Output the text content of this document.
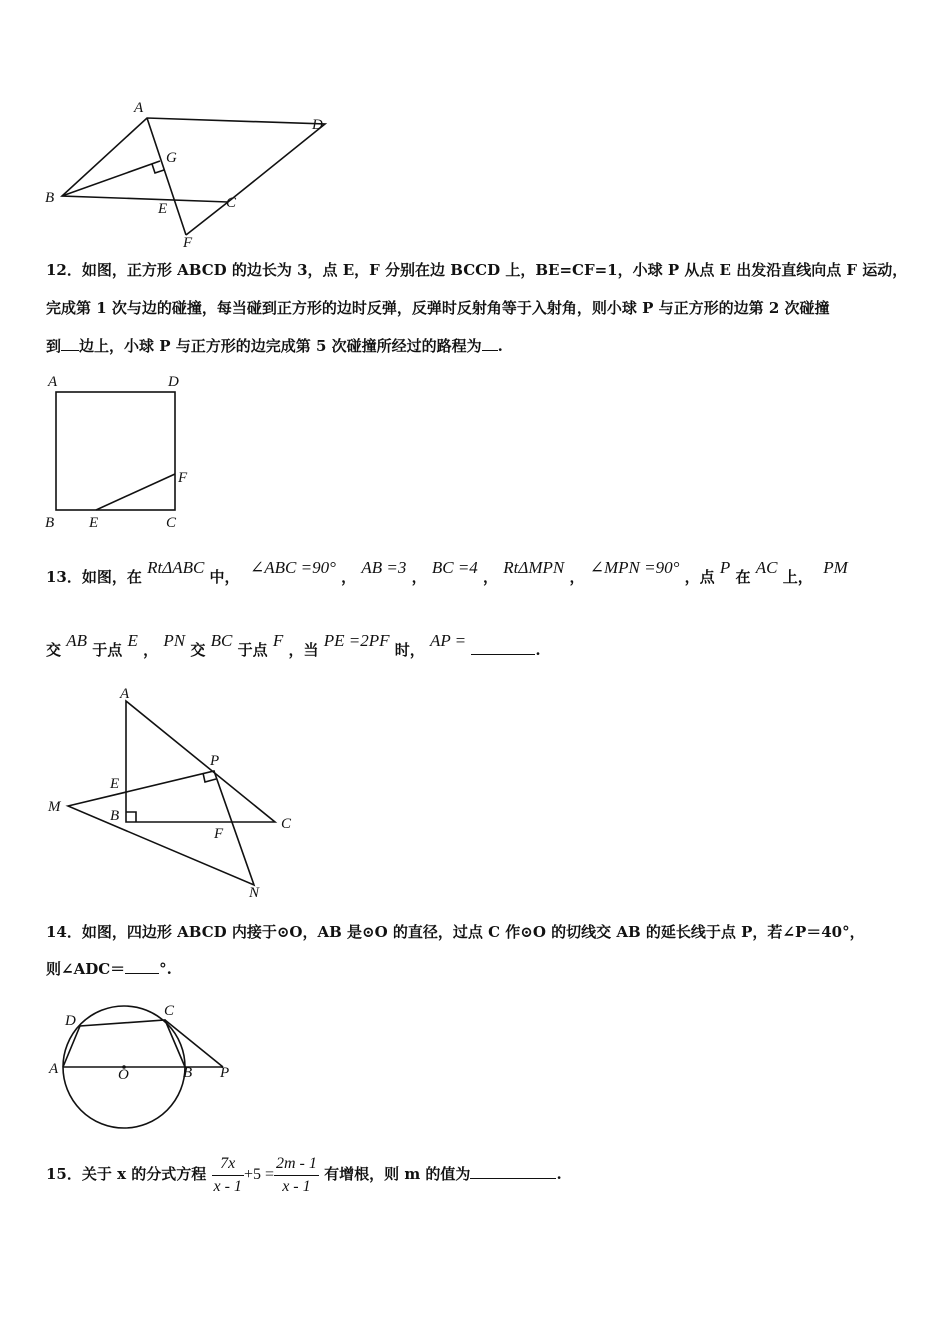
A
D
G
B
E	C
F
12．如图，正方形 ABCD 的边长为 3，点 E，F 分别在边 BCCD 上，BE=CF=1，小球 P 从点 E 出发沿直线向点 F 运动，
完成第 1 次与边的碰撞，每当碰到正方形的边时反弹，反弹时反射角等于入射角，则小球 P 与正方形的边第 2 次碰撞
到 边上，小球 P 与正方形的边完成第 5 次碰撞所经过的路程为 .
A	D
B E	C
F
13．如图，在 RtΔABC 中， ∠ABC =90° ， AB =3 ， BC =4 ， RtΔMPN ， ∠MPN =90° ，点 P 在 AC 上， PM
交 AB 于点 E ， PN 交 BC 于点 F ，当 PE =2PF 时， AP =	.
A
P
E
M
B
F
C
N
14．如图，四边形 ABCD 内接于⊙O，AB 是⊙O 的直径，过点 C 作⊙O 的切线交 AB 的延长线于点 P，若∠P＝40°，
则∠ADC＝ °.
D
C
A	O	B P
15．关于 x 的分式方程 $\frac{7x}{x - 1} +5 = \frac{2m - 1}{x - 1}$ 有增根，则 m 的值为	.
